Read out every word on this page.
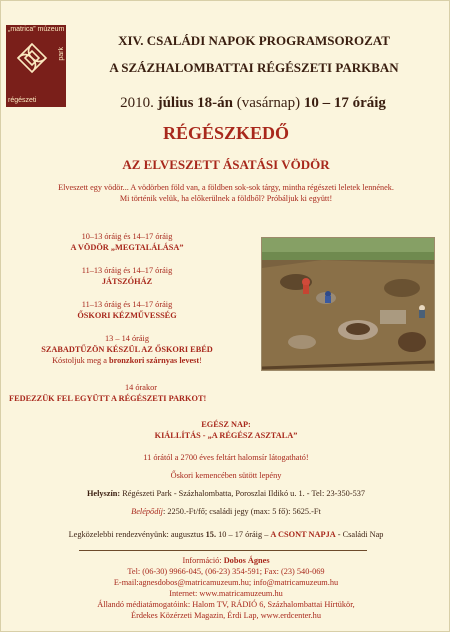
„matrica” múzeum
park
régészeti
XIV. CSALÁDI NAPOK PROGRAMSOROZAT
A SZÁZHALOMBATTAI RÉGÉSZETI PARKBAN
2010. július 18-án (vasárnap) 10 – 17 óráig
RÉGÉSZKEDŐ
AZ ELVESZETT ÁSATÁSI VÖDÖR
Elveszett egy vödör... A vödörben föld van, a földben sok-sok tárgy, mintha régészeti leletek lennének.
Mi történik velük, ha előkerülnek a földből? Próbáljuk ki együtt!
10–13 óráig és 14–17 óráig
A VÖDÖR „MEGTALÁLÁSA”
11–13 óráig és 14–17 óráig
JÁTSZÓHÁZ
11–13 óráig és 14–17 óráig
ŐSKORI KÉZMŰVESSÉG
13 – 14 óráig
SZABADTŰZÖN KÉSZÜL AZ ŐSKORI EBÉD
Kóstoljuk meg a bronzkori szárnyas levest!
14 órakor
FEDEZZÜK FEL EGYÜTT A RÉGÉSZETI PARKOT!
EGÉSZ NAP:
KIÁLLÍTÁS - „A RÉGÉSZ ASZTALA”
11 órától a 2700 éves feltárt halomsír látogatható!
Őskori kemencében sütött lepény
Helyszín: Régészeti Park - Százhalombatta, Poroszlai Ildikó u. 1. - Tel: 23-350-537
Belépődíj: 2250.-Ft/fő; családi jegy (max: 5 fő): 5625.-Ft
Legközelebbi rendezvényünk: augusztus 15. 10 – 17 óráig – A CSONT NAPJA - Családi Nap
Információ: Dobos Ágnes
Tel: (06-30) 9966-045, (06-23) 354-591; Fax: (23) 540-069
E-mail:agnesdobos@matricamuzeum.hu; info@matricamuzeum.hu
Internet: www.matricamuzeum.hu
Állandó médiatámogatóink: Halom TV, RÁDIÓ 6, Százhalombattai Hírtükör,
Érdekes Közérzeti Magazin, Érdi Lap, www.erdcenter.hu
